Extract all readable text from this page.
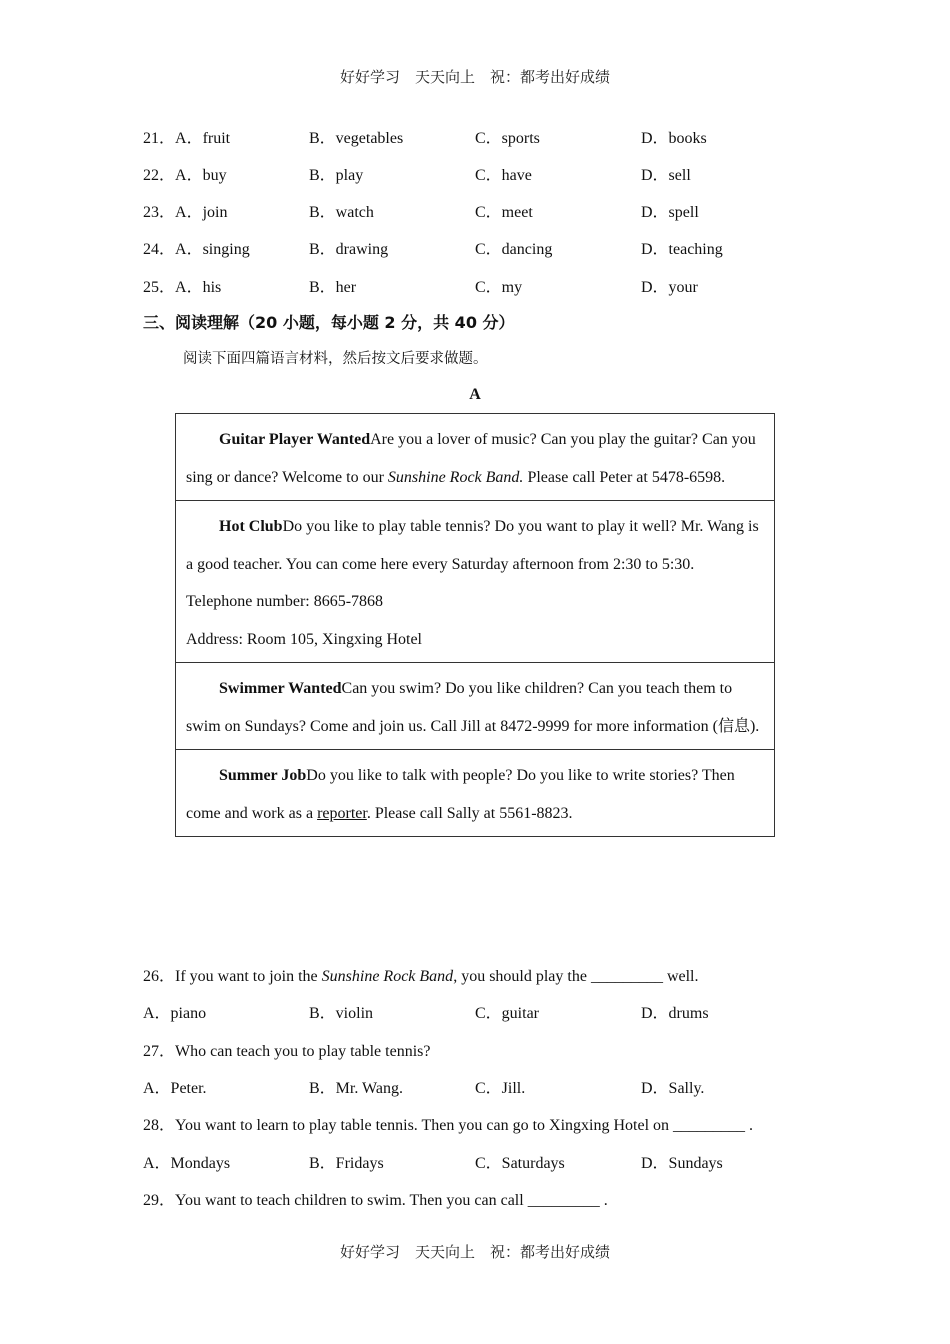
好好学习　天天向上　祝：都考出好成绩
21．A．fruit	B．vegetables	C．sports	D．books
22．A．buy	B．play	C．have	D．sell
23．A．join	B．watch	C．meet	D．spell
24．A．singing	B．drawing	C．dancing	D．teaching
25．A．his	B．her	C．my	D．your
三、阅读理解（20 小题，每小题 2 分，共 40 分）
阅读下面四篇语言材料，然后按文后要求做题。
A
Guitar Player WantedAre you a lover of music? Can you play the guitar? Can you sing or dance? Welcome to our Sunshine Rock Band. Please call Peter at 5478-6598.
Hot ClubDo you like to play table tennis? Do you want to play it well? Mr. Wang is a good teacher. You can come here every Saturday afternoon from 2:30 to 5:30.
Telephone number: 8665-7868
Address: Room 105, Xingxing Hotel
Swimmer WantedCan you swim? Do you like children? Can you teach them to swim on Sundays? Come and join us. Call Jill at 8472-9999 for more information (信息).
Summer JobDo you like to talk with people? Do you like to write stories? Then come and work as a reporter. Please call Sally at 5561-8823.
26．If you want to join the Sunshine Rock Band, you should play the _________ well.
A．piano	B．violin	C．guitar	D．drums
27．Who can teach you to play table tennis?
A．Peter.	B．Mr. Wang.	C．Jill.	D．Sally.
28．You want to learn to play table tennis. Then you can go to Xingxing Hotel on _________ .
A．Mondays	B．Fridays	C．Saturdays	D．Sundays
29．You want to teach children to swim. Then you can call _________ .
好好学习　天天向上　祝：都考出好成绩
